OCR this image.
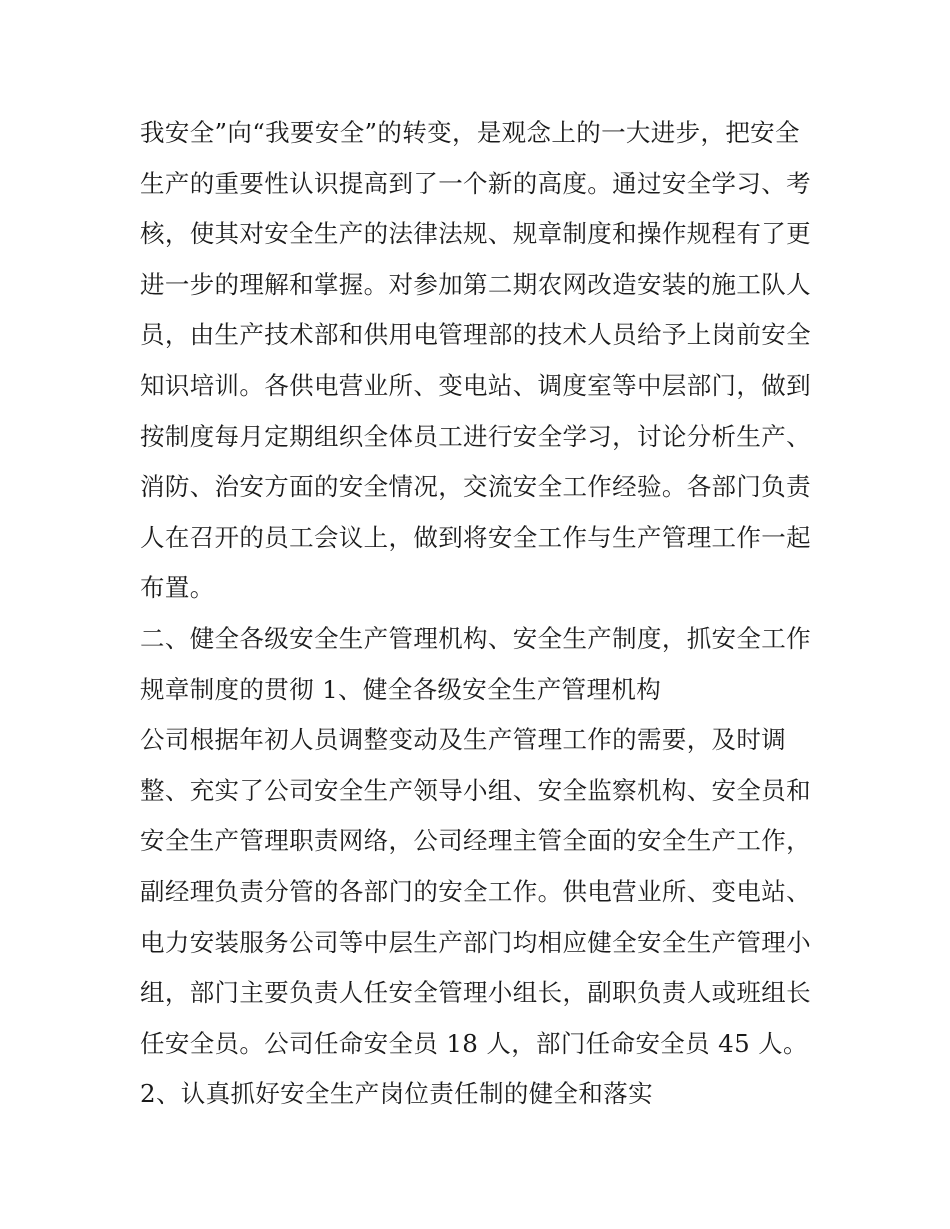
我安全”向“我要安全”的转变，是观念上的一大进步，把安全
生产的重要性认识提高到了一个新的高度。通过安全学习、考
核，使其对安全生产的法律法规、规章制度和操作规程有了更
进一步的理解和掌握。对参加第二期农网改造安装的施工队人
员，由生产技术部和供用电管理部的技术人员给予上岗前安全
知识培训。各供电营业所、变电站、调度室等中层部门，做到
按制度每月定期组织全体员工进行安全学习，讨论分析生产、
消防、治安方面的安全情况，交流安全工作经验。各部门负责
人在召开的员工会议上，做到将安全工作与生产管理工作一起
布置。
二、健全各级安全生产管理机构、安全生产制度，抓安全工作
规章制度的贯彻 1、健全各级安全生产管理机构
公司根据年初人员调整变动及生产管理工作的需要，及时调
整、充实了公司安全生产领导小组、安全监察机构、安全员和
安全生产管理职责网络，公司经理主管全面的安全生产工作，
副经理负责分管的各部门的安全工作。供电营业所、变电站、
电力安装服务公司等中层生产部门均相应健全安全生产管理小
组，部门主要负责人任安全管理小组长，副职负责人或班组长
任安全员。公司任命安全员 18 人，部门任命安全员 45 人。
2、认真抓好安全生产岗位责任制的健全和落实
